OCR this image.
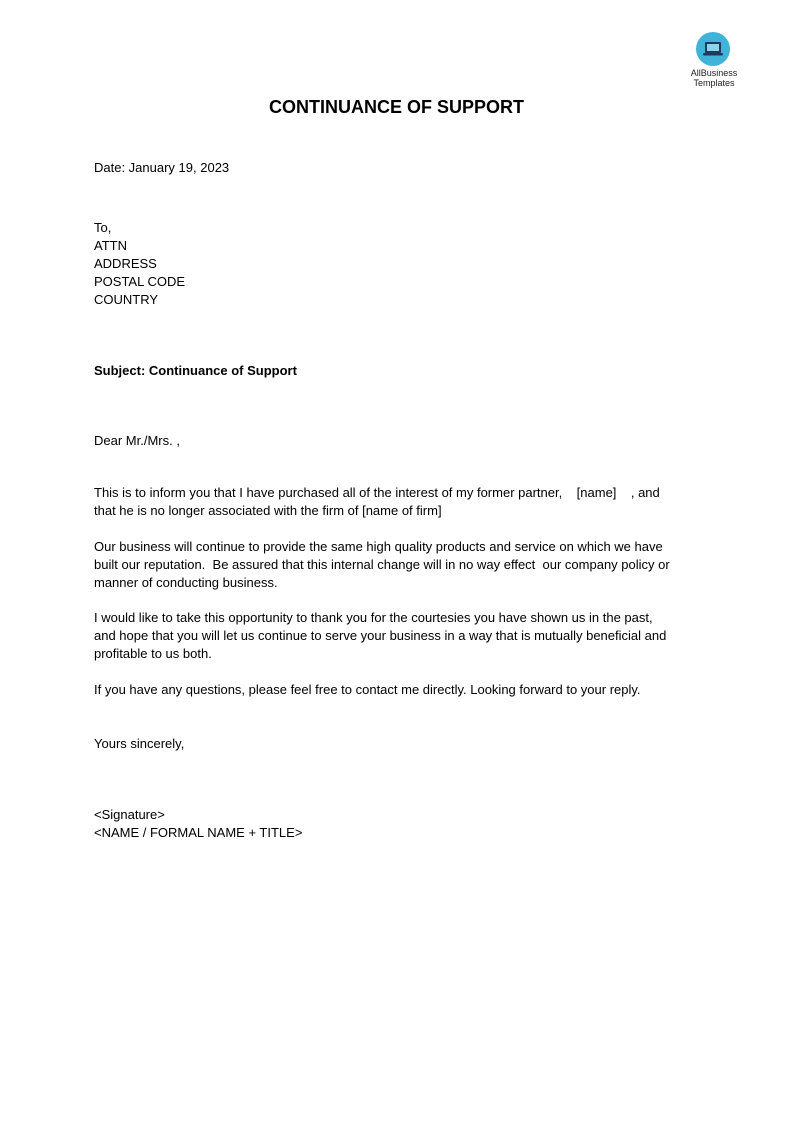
AllBusiness
Templates
CONTINUANCE OF SUPPORT
Date: January 19, 2023
To,
ATTN
ADDRESS
POSTAL CODE
COUNTRY
Subject: Continuance of Support
Dear Mr./Mrs. ,
This is to inform you that I have purchased all of the interest of my former partner,    [name]    , and
that he is no longer associated with the firm of [name of firm]
Our business will continue to provide the same high quality products and service on which we have
built our reputation.  Be assured that this internal change will in no way effect  our company policy or
manner of conducting business.
I would like to take this opportunity to thank you for the courtesies you have shown us in the past,
and hope that you will let us continue to serve your business in a way that is mutually beneficial and
profitable to us both.
If you have any questions, please feel free to contact me directly. Looking forward to your reply.
Yours sincerely,
<Signature>
<NAME / FORMAL NAME + TITLE>
